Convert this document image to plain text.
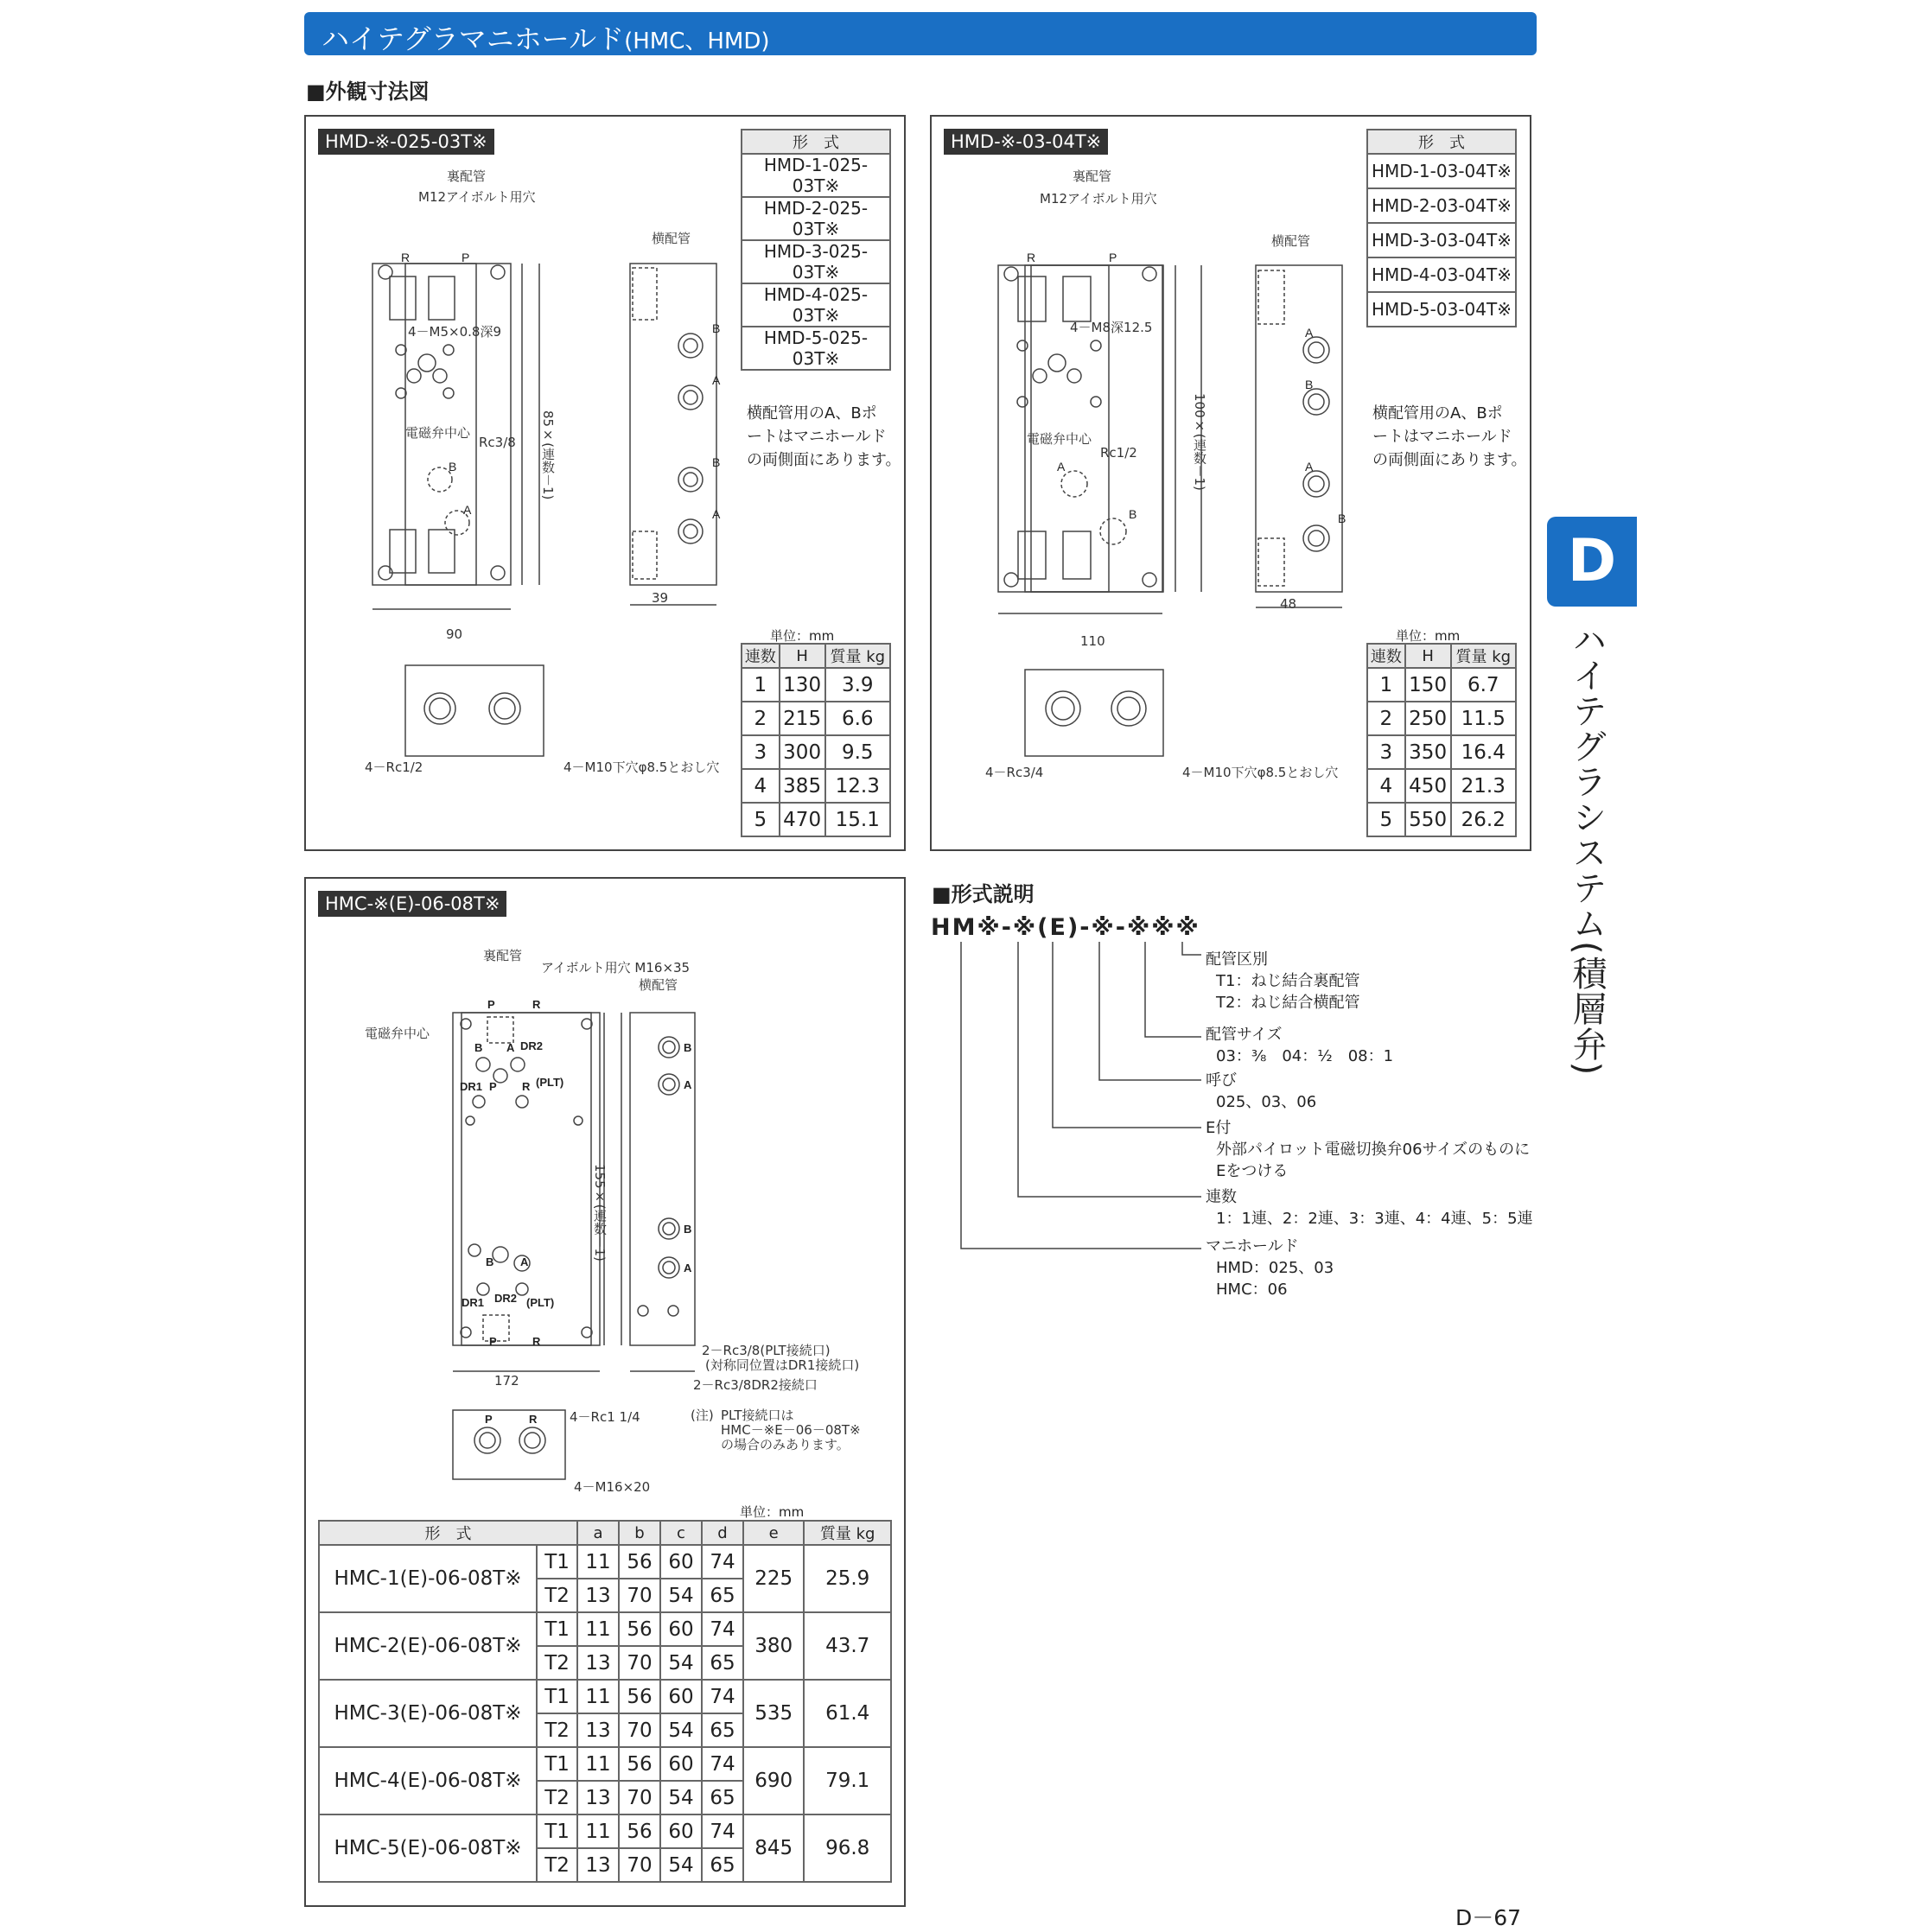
ハイテグラマニホールド(HMC、HMD)
■外観寸法図
HMD-※-025-03T※
R	P
B
A
B
A
B
A
裏配管
M12アイボルト用穴
横配管
4－M5×0.8深9
電磁弁中心
Rc3/8 85×(連数－1)
90
39
4－Rc1/2	4－M10下穴φ8.5とおし穴
形　式
HMD-1-025-03T※
HMD-2-025-03T※
HMD-3-025-03T※
HMD-4-025-03T※
HMD-5-025-03T※
横配管用のA、Bポ
ートはマニホールド
の両側面にあります。
単位：mm
連数	H	質量 kg
1	130	3.9
2	215	6.6
3	300	9.5
4	385	12.3
5	470	15.1
HMD-※-03-04T※
R	P
A
B
A
B
A
B
裏配管
M12アイボルト用穴
横配管
4－M8深12.5
電磁弁中心
Rc1/2	100×(連数－1)
110
48
4－Rc3/4	4－M10下穴φ8.5とおし穴
形　式
HMD-1-03-04T※
HMD-2-03-04T※
HMD-3-03-04T※
HMD-4-03-04T※
HMD-5-03-04T※
横配管用のA、Bポ
ートはマニホールド
の両側面にあります。
単位：mm
連数	H	質量 kg
1	150	6.7
2	250	11.5
3	350	16.4
4	450	21.3
5	550	26.2
HMC-※(E)-06-08T※
P	R
B A DR2
DR1 P R (PLT)
B A
DR1 DR2 (PLT)
P	R
B
A
B
A
P	R
裏配管
アイボルト用穴 M16×35
横配管
電磁弁中心
155×(連数－1)
172
4－Rc1 1/4
4－M16×20
2－Rc3/8(PLT接続口)
(対称同位置はDR1接続口)
2－Rc3/8DR2接続口
(注) PLT接続口は
HMC－※E－06－08T※
の場合のみあります。
単位：mm
形　式		a	b	c	d	e	質量 kg
HMC-1(E)-06-08T※	T1	11	56	60	74	225	25.9
	T2	13	70	54	65		
HMC-2(E)-06-08T※	T1	11	56	60	74	380	43.7
	T2	13	70	54	65		
HMC-3(E)-06-08T※	T1	11	56	60	74	535	61.4
	T2	13	70	54	65		
HMC-4(E)-06-08T※	T1	11	56	60	74	690	79.1
	T2	13	70	54	65		
HMC-5(E)-06-08T※	T1	11	56	60	74	845	96.8
	T2	13	70	54	65		
■形式説明
HM※-※(E)-※-※※※
配管区別
T1：ねじ結合裏配管
T2：ねじ結合横配管
配管サイズ
03：⅜　04：½　08：1
呼び
025、03、06
E付
外部パイロット電磁切換弁06サイズのものに
Eをつける
連数
1：1連、2：2連、3：3連、4：4連、5：5連
マニホールド
HMD：025、03
HMC：06
D
ハイテグラシステム(積層弁)
D－67
